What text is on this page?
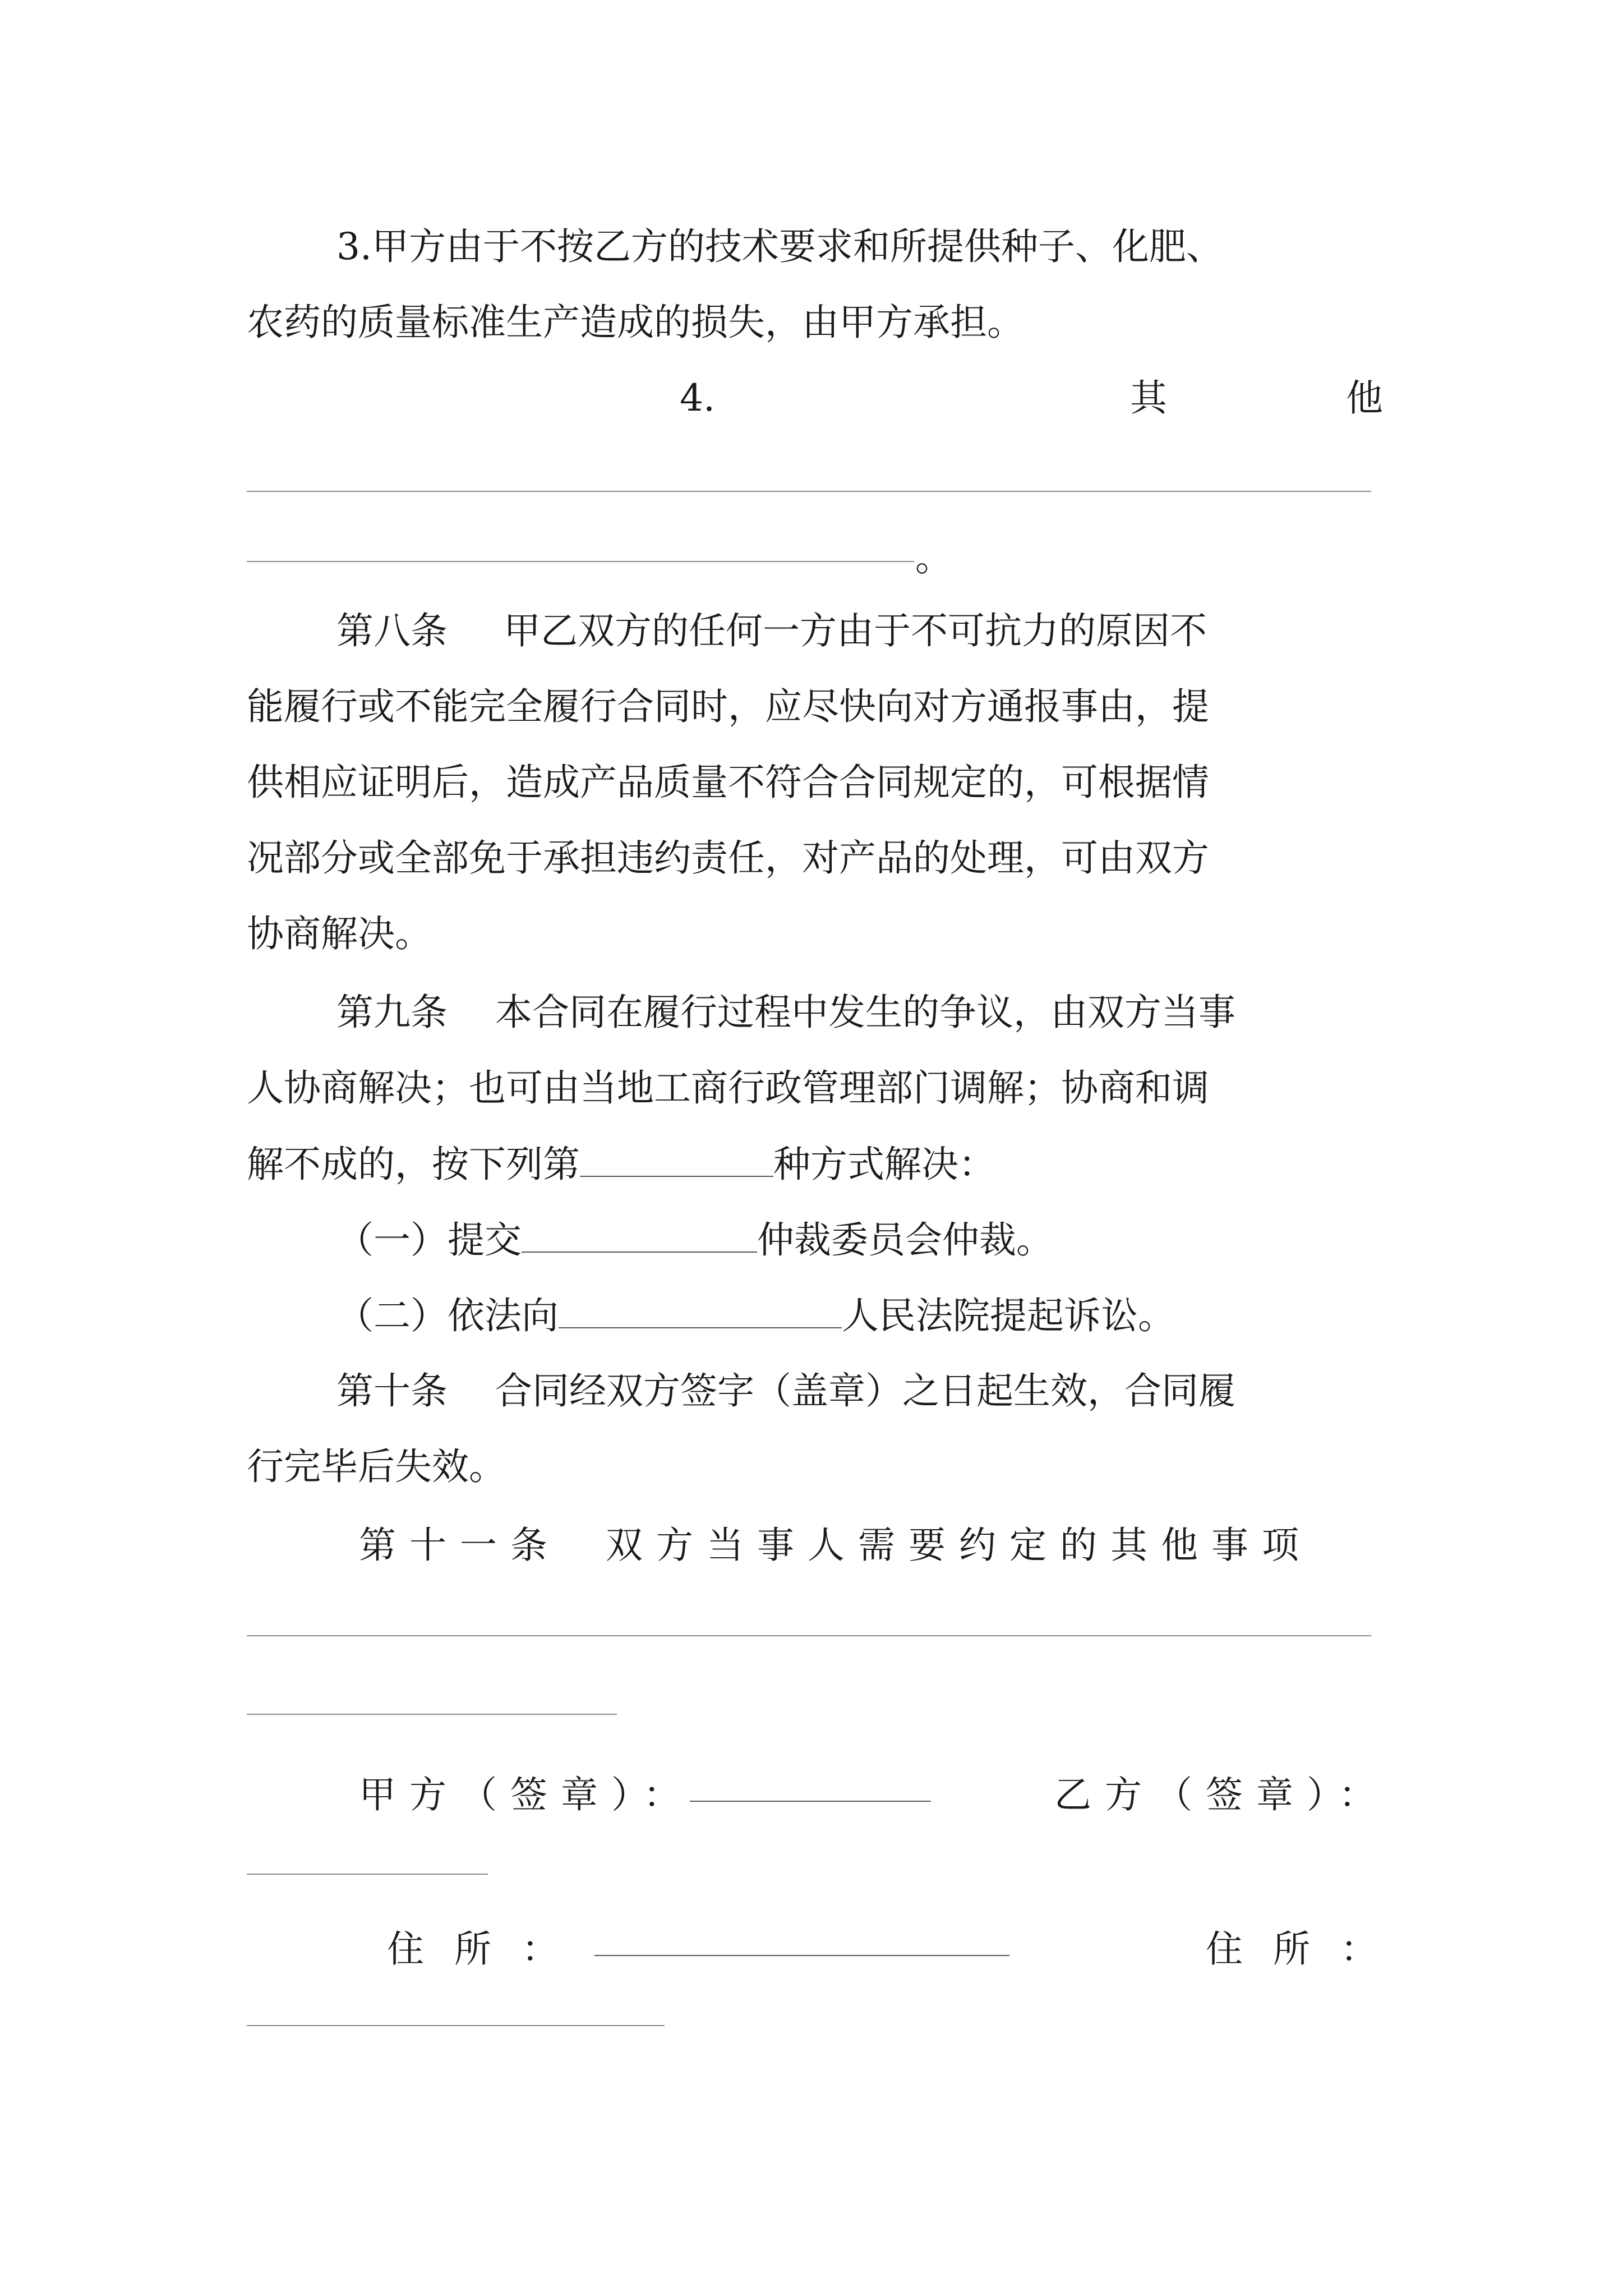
3.甲方由于不按乙方的技术要求和所提供种子、化肥、
农药的质量标准生产造成的损失，由甲方承担。
4.	其	他
。
第八条 甲乙双方的任何一方由于不可抗力的原因不
能履行或不能完全履行合同时，应尽快向对方通报事由，提
供相应证明后，造成产品质量不符合合同规定的，可根据情
况部分或全部免于承担违约责任，对产品的处理，可由双方
协商解决。
第九条 本合同在履行过程中发生的争议，由双方当事
人协商解决；也可由当地工商行政管理部门调解；协商和调
解不成的，按下列第	种方式解决：
（一）提交	仲裁委员会仲裁。
（二）依法向	人民法院提起诉讼。
第十条 合同经双方签字（盖章）之日起生效，合同履
行完毕后失效。
第十一条 双方当事人需要约定的其他事项
甲方（签章）：	乙方（签章）：
住所：	住所：
